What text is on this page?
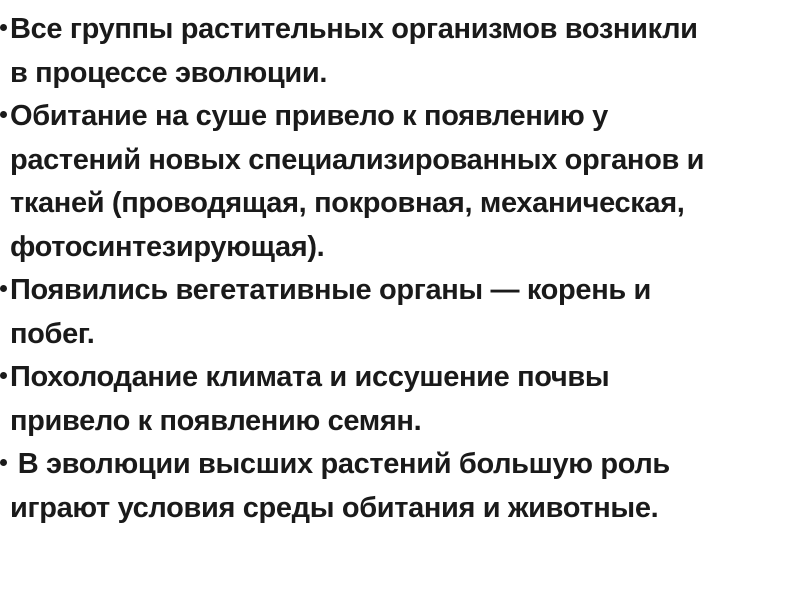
Все группы растительных организмов возникли
в процессе эволюции.
Обитание на суше привело к появлению у
растений новых специализированных органов и
тканей (проводящая, покровная, механическая,
фотосинтезирующая).
Появились вегетативные органы — корень и
побег.
Похолодание климата и иссушение почвы
привело к появлению семян.
В эволюции высших растений большую роль
играют условия среды обитания и животные.
